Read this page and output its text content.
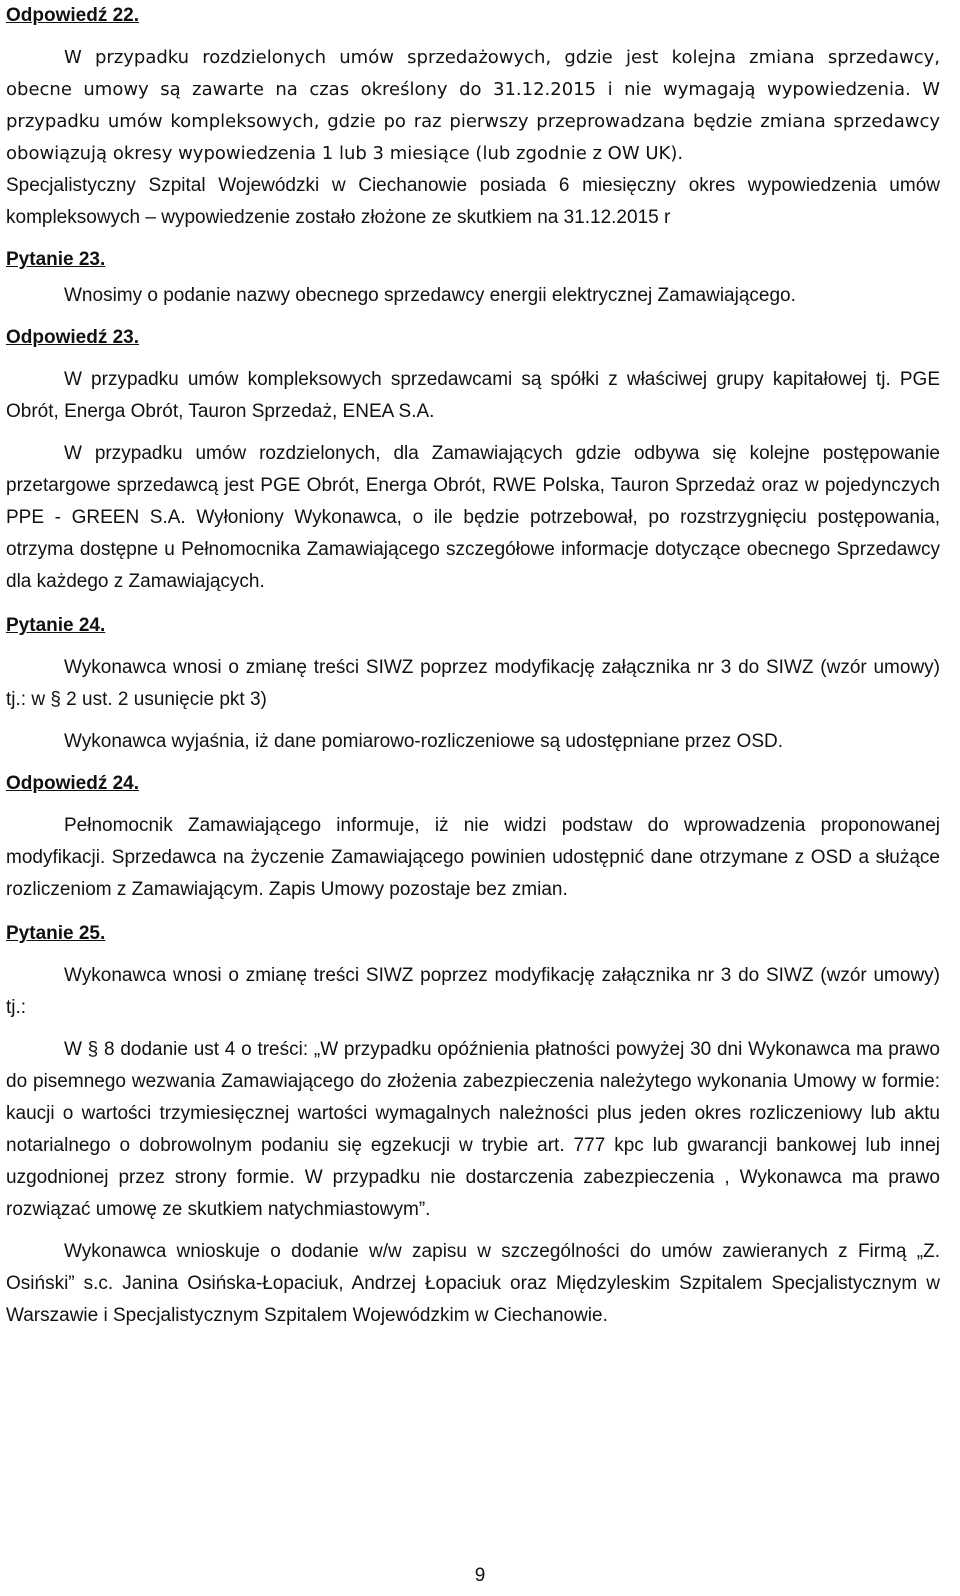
Odpowiedź 22.

W przypadku rozdzielonych umów sprzedażowych, gdzie jest kolejna zmiana sprzedawcy, obecne umowy są zawarte na czas określony do 31.12.2015 i nie wymagają wypowiedzenia. W przypadku umów kompleksowych, gdzie po raz pierwszy przeprowadzana będzie zmiana sprzedawcy obowiązują okresy wypowiedzenia 1 lub 3 miesiące (lub zgodnie z OW UK).

Specjalistyczny Szpital Wojewódzki w Ciechanowie posiada 6 miesięczny okres wypowiedzenia umów kompleksowych – wypowiedzenie zostało złożone ze skutkiem na 31.12.2015 r

Pytanie 23.

Wnosimy o podanie nazwy obecnego sprzedawcy energii elektrycznej Zamawiającego.

Odpowiedź 23.

W przypadku umów kompleksowych sprzedawcami są spółki z właściwej grupy kapitałowej tj. PGE Obrót, Energa Obrót, Tauron Sprzedaż, ENEA S.A.

W przypadku umów rozdzielonych, dla Zamawiających gdzie odbywa się kolejne postępowanie przetargowe sprzedawcą jest PGE Obrót, Energa Obrót, RWE Polska, Tauron Sprzedaż oraz w pojedynczych PPE - GREEN S.A. Wyłoniony Wykonawca, o ile będzie potrzebował, po rozstrzygnięciu postępowania, otrzyma dostępne u Pełnomocnika Zamawiającego szczegółowe informacje dotyczące obecnego Sprzedawcy dla każdego z Zamawiających.

Pytanie 24.

Wykonawca wnosi o zmianę treści SIWZ poprzez modyfikację załącznika nr 3 do SIWZ (wzór umowy) tj.: w § 2 ust. 2 usunięcie pkt 3)

Wykonawca wyjaśnia, iż dane pomiarowo-rozliczeniowe są udostępniane przez OSD.

Odpowiedź 24.

Pełnomocnik Zamawiającego informuje, iż nie widzi podstaw do wprowadzenia proponowanej modyfikacji. Sprzedawca na życzenie Zamawiającego powinien udostępnić dane otrzymane z OSD a służące rozliczeniom z Zamawiającym. Zapis Umowy pozostaje bez zmian.

Pytanie 25.

Wykonawca wnosi o zmianę treści SIWZ poprzez modyfikację załącznika nr 3 do SIWZ (wzór umowy) tj.:

W § 8 dodanie ust 4 o treści: „W przypadku opóźnienia płatności powyżej 30 dni Wykonawca ma prawo do pisemnego wezwania Zamawiającego do złożenia zabezpieczenia należytego wykonania Umowy w formie: kaucji o wartości trzymiesięcznej wartości wymagalnych należności plus jeden okres rozliczeniowy lub aktu notarialnego o dobrowolnym podaniu się egzekucji w trybie art. 777 kpc lub gwarancji bankowej lub innej uzgodnionej przez strony formie. W przypadku nie dostarczenia zabezpieczenia , Wykonawca ma prawo rozwiązać umowę ze skutkiem natychmiastowym”.

Wykonawca wnioskuje o dodanie w/w zapisu w szczególności do umów zawieranych z Firmą „Z. Osiński” s.c. Janina Osińska-Łopaciuk, Andrzej Łopaciuk oraz Międzyleskim Szpitalem Specjalistycznym w Warszawie i Specjalistycznym Szpitalem Wojewódzkim w Ciechanowie.

9
